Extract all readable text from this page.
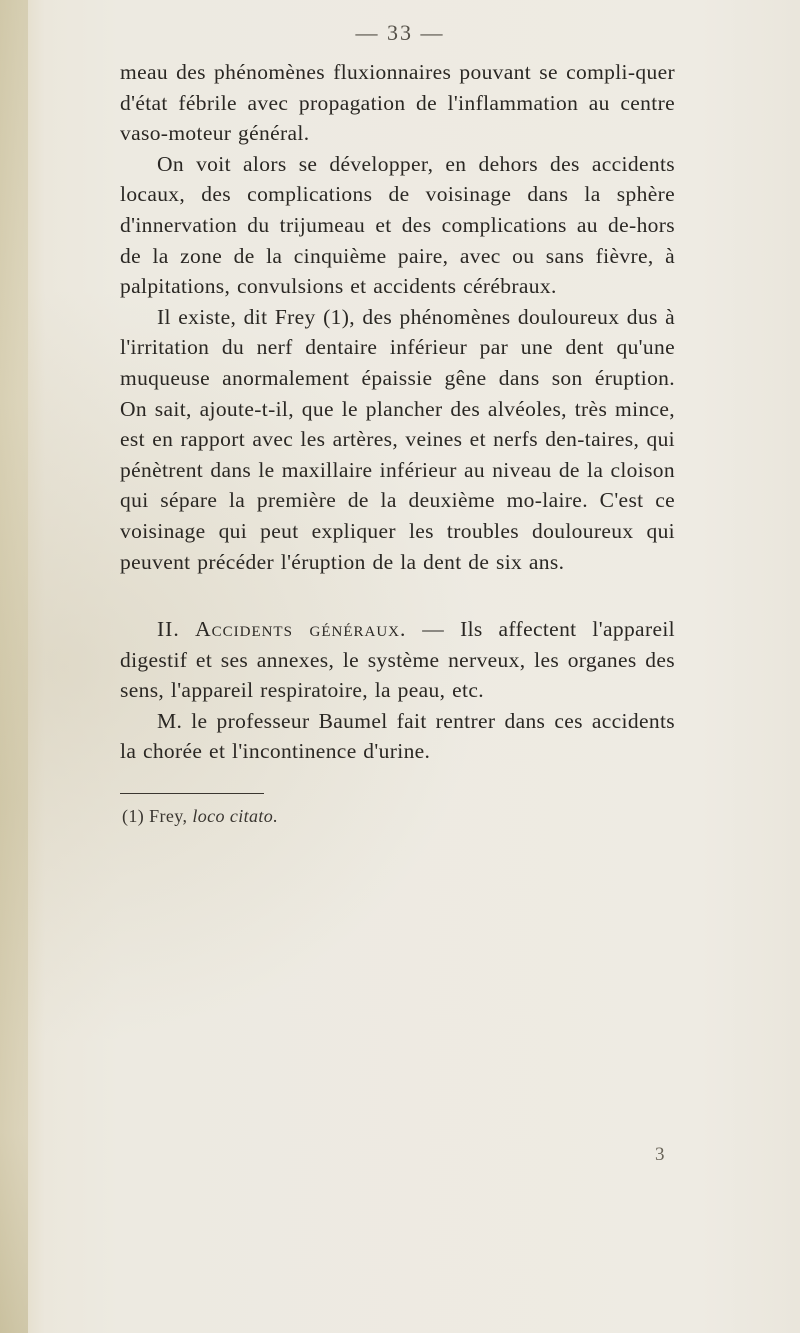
— 33 —

meau des phénomènes fluxionnaires pouvant se compli-quer d'état fébrile avec propagation de l'inflammation au centre vaso-moteur général.

On voit alors se développer, en dehors des accidents locaux, des complications de voisinage dans la sphère d'innervation du trijumeau et des complications au de-hors de la zone de la cinquième paire, avec ou sans fièvre, à palpitations, convulsions et accidents cérébraux.

Il existe, dit Frey (1), des phénomènes douloureux dus à l'irritation du nerf dentaire inférieur par une dent qu'une muqueuse anormalement épaissie gêne dans son éruption. On sait, ajoute-t-il, que le plancher des alvéoles, très mince, est en rapport avec les artères, veines et nerfs den-taires, qui pénètrent dans le maxillaire inférieur au niveau de la cloison qui sépare la première de la deuxième mo-laire. C'est ce voisinage qui peut expliquer les troubles douloureux qui peuvent précéder l'éruption de la dent de six ans.

II. Accidents généraux. — Ils affectent l'appareil digestif et ses annexes, le système nerveux, les organes des sens, l'appareil respiratoire, la peau, etc.

M. le professeur Baumel fait rentrer dans ces accidents la chorée et l'incontinence d'urine.

(1) Frey, loco citato.
3
